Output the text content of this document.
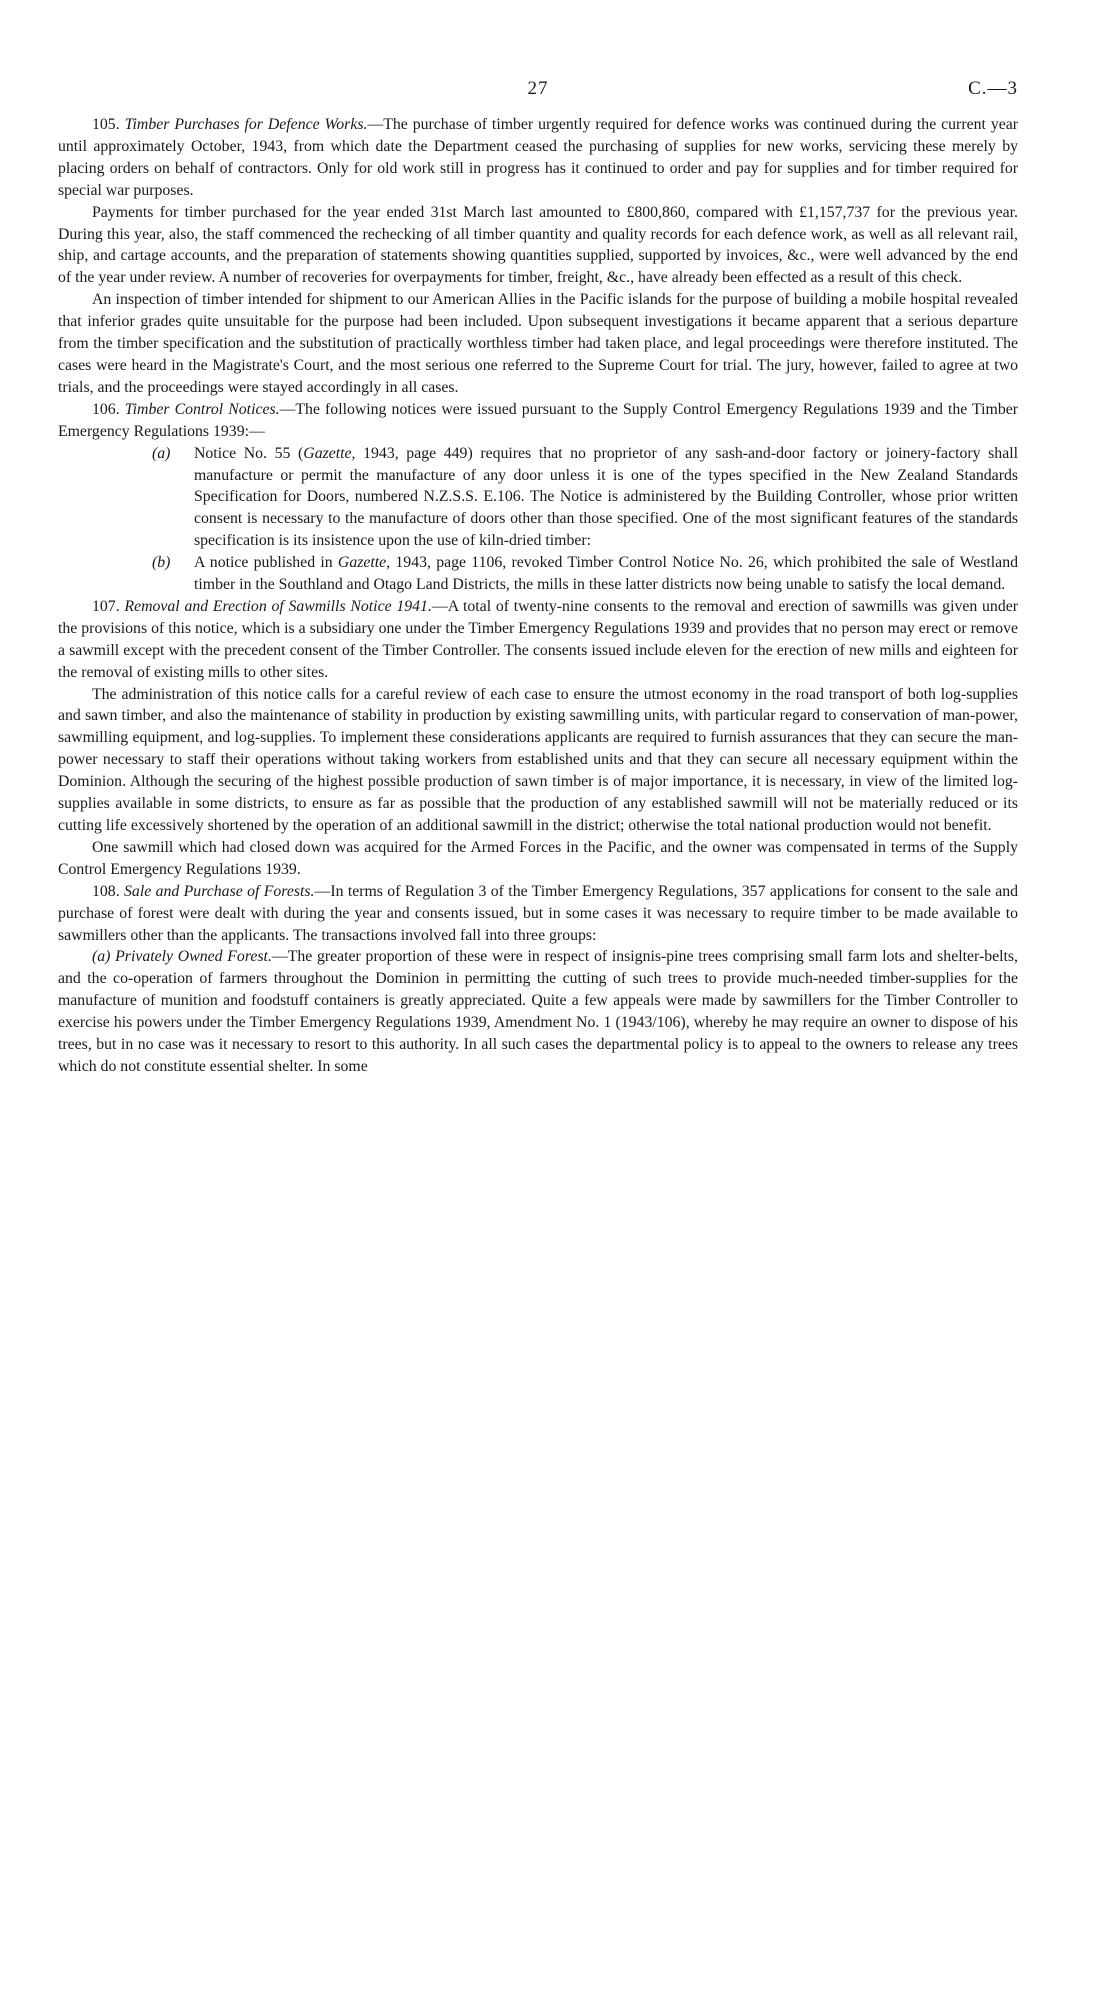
27	C.—3

105. Timber Purchases for Defence Works.—The purchase of timber urgently required for defence works was continued during the current year until approximately October, 1943, from which date the Department ceased the purchasing of supplies for new works, servicing these merely by placing orders on behalf of contractors. Only for old work still in progress has it continued to order and pay for supplies and for timber required for special war purposes.

Payments for timber purchased for the year ended 31st March last amounted to £800,860, compared with £1,157,737 for the previous year. During this year, also, the staff commenced the rechecking of all timber quantity and quality records for each defence work, as well as all relevant rail, ship, and cartage accounts, and the preparation of statements showing quantities supplied, supported by invoices, &c., were well advanced by the end of the year under review. A number of recoveries for overpayments for timber, freight, &c., have already been effected as a result of this check.

An inspection of timber intended for shipment to our American Allies in the Pacific islands for the purpose of building a mobile hospital revealed that inferior grades quite unsuitable for the purpose had been included. Upon subsequent investigations it became apparent that a serious departure from the timber specification and the substitution of practically worthless timber had taken place, and legal proceedings were therefore instituted. The cases were heard in the Magistrate's Court, and the most serious one referred to the Supreme Court for trial. The jury, however, failed to agree at two trials, and the proceedings were stayed accordingly in all cases.

106. Timber Control Notices.—The following notices were issued pursuant to the Supply Control Emergency Regulations 1939 and the Timber Emergency Regulations 1939:—

(a) Notice No. 55 (Gazette, 1943, page 449) requires that no proprietor of any sash-and-door factory or joinery-factory shall manufacture or permit the manufacture of any door unless it is one of the types specified in the New Zealand Standards Specification for Doors, numbered N.Z.S.S. E.106. The Notice is administered by the Building Controller, whose prior written consent is necessary to the manufacture of doors other than those specified. One of the most significant features of the standards specification is its insistence upon the use of kiln-dried timber:
(b) A notice published in Gazette, 1943, page 1106, revoked Timber Control Notice No. 26, which prohibited the sale of Westland timber in the Southland and Otago Land Districts, the mills in these latter districts now being unable to satisfy the local demand.

107. Removal and Erection of Sawmills Notice 1941.—A total of twenty-nine consents to the removal and erection of sawmills was given under the provisions of this notice, which is a subsidiary one under the Timber Emergency Regulations 1939 and provides that no person may erect or remove a sawmill except with the precedent consent of the Timber Controller. The consents issued include eleven for the erection of new mills and eighteen for the removal of existing mills to other sites.

The administration of this notice calls for a careful review of each case to ensure the utmost economy in the road transport of both log-supplies and sawn timber, and also the maintenance of stability in production by existing sawmilling units, with particular regard to conservation of man-power, sawmilling equipment, and log-supplies. To implement these considerations applicants are required to furnish assurances that they can secure the man-power necessary to staff their operations without taking workers from established units and that they can secure all necessary equipment within the Dominion. Although the securing of the highest possible production of sawn timber is of major importance, it is necessary, in view of the limited log-supplies available in some districts, to ensure as far as possible that the production of any established sawmill will not be materially reduced or its cutting life excessively shortened by the operation of an additional sawmill in the district; otherwise the total national production would not benefit.

One sawmill which had closed down was acquired for the Armed Forces in the Pacific, and the owner was compensated in terms of the Supply Control Emergency Regulations 1939.

108. Sale and Purchase of Forests.—In terms of Regulation 3 of the Timber Emergency Regulations, 357 applications for consent to the sale and purchase of forest were dealt with during the year and consents issued, but in some cases it was necessary to require timber to be made available to sawmillers other than the applicants. The transactions involved fall into three groups:

(a) Privately Owned Forest.—The greater proportion of these were in respect of insignis-pine trees comprising small farm lots and shelter-belts, and the co-operation of farmers throughout the Dominion in permitting the cutting of such trees to provide much-needed timber-supplies for the manufacture of munition and foodstuff containers is greatly appreciated. Quite a few appeals were made by sawmillers for the Timber Controller to exercise his powers under the Timber Emergency Regulations 1939, Amendment No. 1 (1943/106), whereby he may require an owner to dispose of his trees, but in no case was it necessary to resort to this authority. In all such cases the departmental policy is to appeal to the owners to release any trees which do not constitute essential shelter. In some
